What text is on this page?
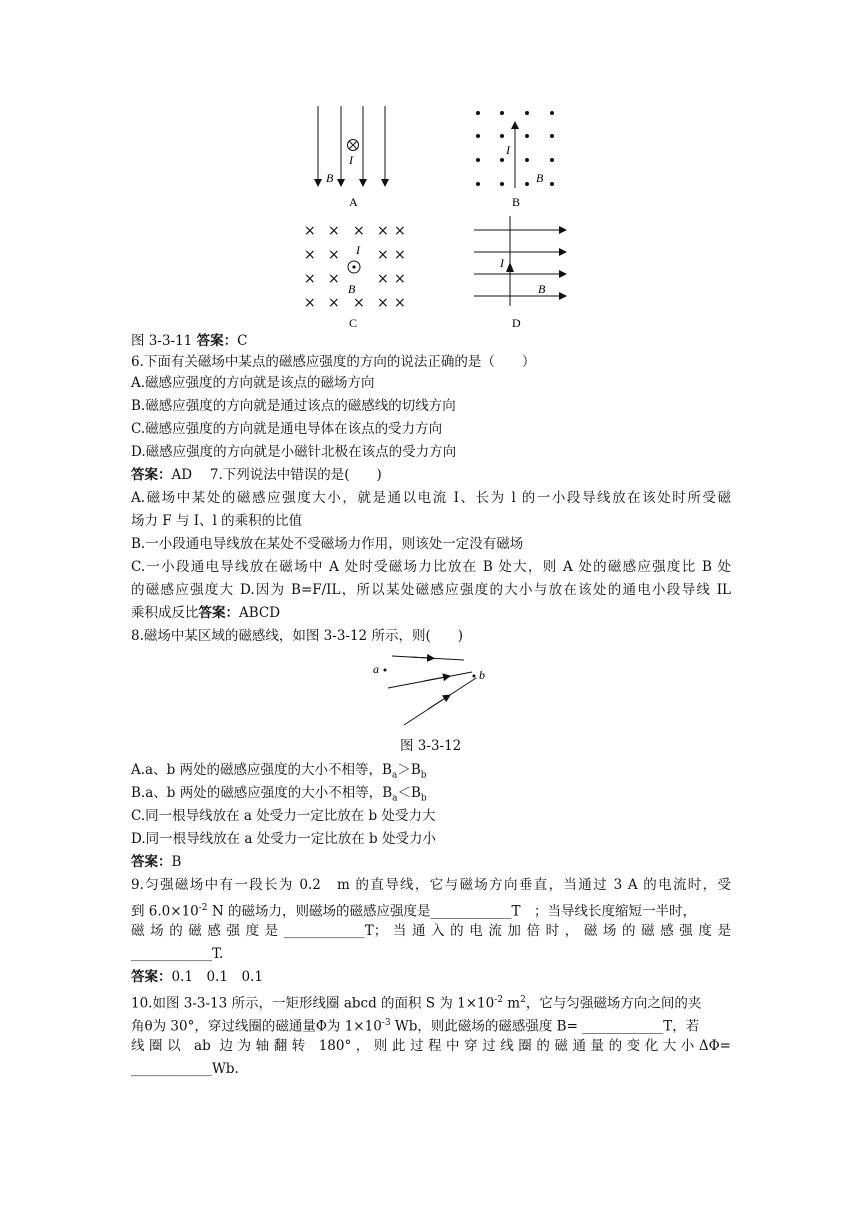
I
B
A
I
B
B
× × × × ×
× ×	× ×
× ×	× ×
× × × × ×
I
B
C
I
B
D
图 3-3-11 答案：C
6.下面有关磁场中某点的磁感应强度的方向的说法正确的是（　　）
A.磁感应强度的方向就是该点的磁场方向
B.磁感应强度的方向就是通过该点的磁感线的切线方向
C.磁感应强度的方向就是通电导体在该点的受力方向
D.磁感应强度的方向就是小磁针北极在该点的受力方向
答案：AD　 7.下列说法中错误的是(　　)
A.磁场中某处的磁感应强度大小，就是通以电流 I、长为 l 的一小段导线放在该处时所受磁
场力 F 与 I、l 的乘积的比值
B.一小段通电导线放在某处不受磁场力作用，则该处一定没有磁场
C.一小段通电导线放在磁场中 A 处时受磁场力比放在 B 处大，则 A 处的磁感应强度比 B 处
的磁感应强度大 D.因为 B=F/IL，所以某处磁感应强度的大小与放在该处的通电小段导线 IL
乘积成反比答案：ABCD
8.磁场中某区域的磁感线，如图 3-3-12 所示，则(　　)
a	b
图 3-3-12
A.a、b 两处的磁感应强度的大小不相等，$B_a>B_b$
B.a、b 两处的磁感应强度的大小不相等，$B_a<B_b$
C.同一根导线放在 a 处受力一定比放在 b 处受力大
D.同一根导线放在 a 处受力一定比放在 b 处受力小
答案：B
9.匀强磁场中有一段长为 0.2　m 的直导线，它与磁场方向垂直，当通过 3 A 的电流时，受
到 $6.0\times 10^{-2}$ N 的磁场力，则磁场的磁感应强度是____________T　；当导线长度缩短一半时，
磁场的磁感强度是____________T；当通入的电流加倍时，磁场的磁感强度是
____________T.
答案：0.1　0.1　0.1
10.如图 3-3-13 所示，一矩形线圈 abcd 的面积 S 为 $1\times 10^{-2}$ $m^2$，它与匀强磁场方向之间的夹
角θ为 30°，穿过线圈的磁通量Φ为 $1\times 10^{-3}$ Wb，则此磁场的磁感强度 B= ____________T，若
线圈以 ab 边为轴翻转 180°，则此过程中穿过线圈的磁通量的变化大小ΔΦ=
____________Wb.
